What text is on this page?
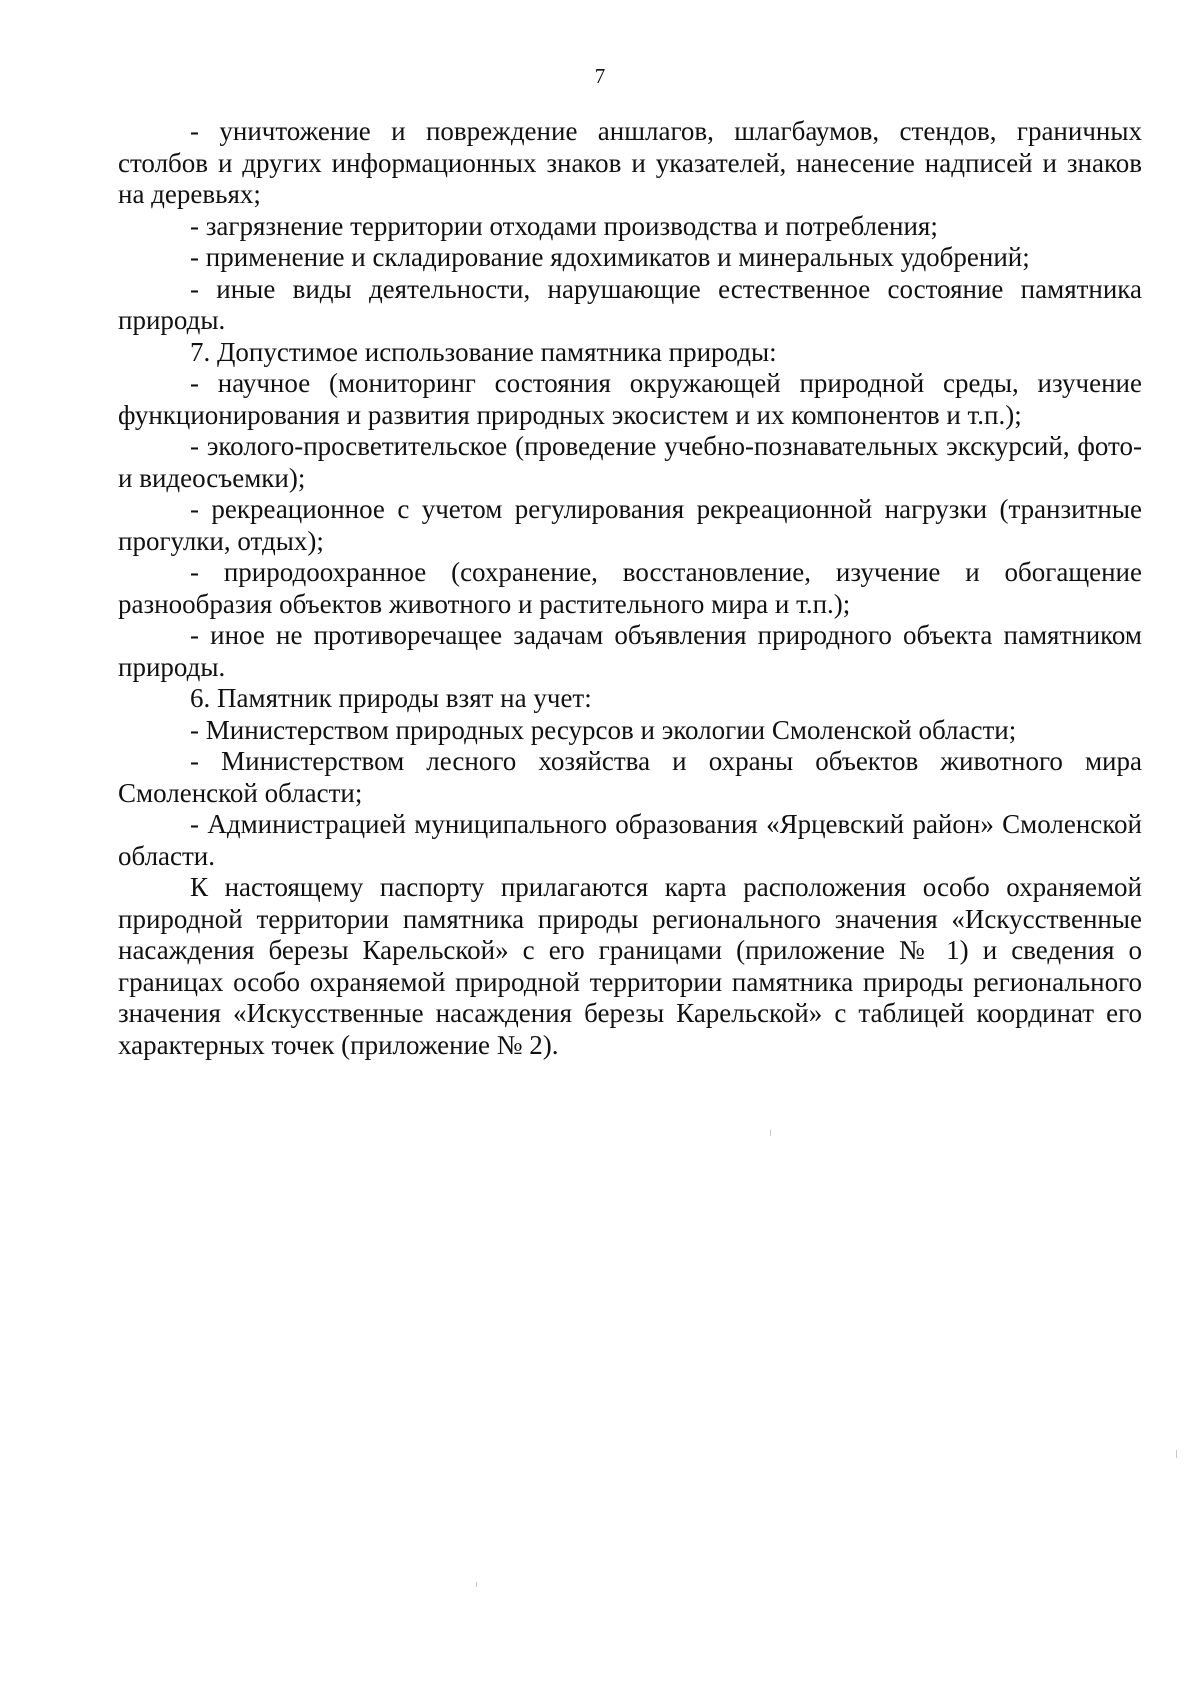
7

- уничтожение и повреждение аншлагов, шлагбаумов, стендов, граничных столбов и других информационных знаков и указателей, нанесение надписей и знаков на деревьях;

- загрязнение территории отходами производства и потребления;

- применение и складирование ядохимикатов и минеральных удобрений;

- иные виды деятельности, нарушающие естественное состояние памятника природы.

7. Допустимое использование памятника природы:

- научное (мониторинг состояния окружающей природной среды, изучение функционирования и развития природных экосистем и их компонентов и т.п.);

- эколого-просветительское (проведение учебно-познавательных экскурсий, фото- и видеосъемки);

- рекреационное с учетом регулирования рекреационной нагрузки (транзитные прогулки, отдых);

- природоохранное (сохранение, восстановление, изучение и обогащение разнообразия объектов животного и растительного мира и т.п.);

- иное не противоречащее задачам объявления природного объекта памятником природы.

6. Памятник природы взят на учет:

- Министерством природных ресурсов и экологии Смоленской области;

- Министерством лесного хозяйства и охраны объектов животного мира Смоленской области;

- Администрацией муниципального образования «Ярцевский район» Смоленской области.

К настоящему паспорту прилагаются карта расположения особо охраняемой природной территории памятника природы регионального значения «Искусственные насаждения березы Карельской» с его границами (приложение № 1) и сведения о границах особо охраняемой природной территории памятника природы регионального значения «Искусственные насаждения березы Карельской» с таблицей координат его характерных точек (приложение № 2).
